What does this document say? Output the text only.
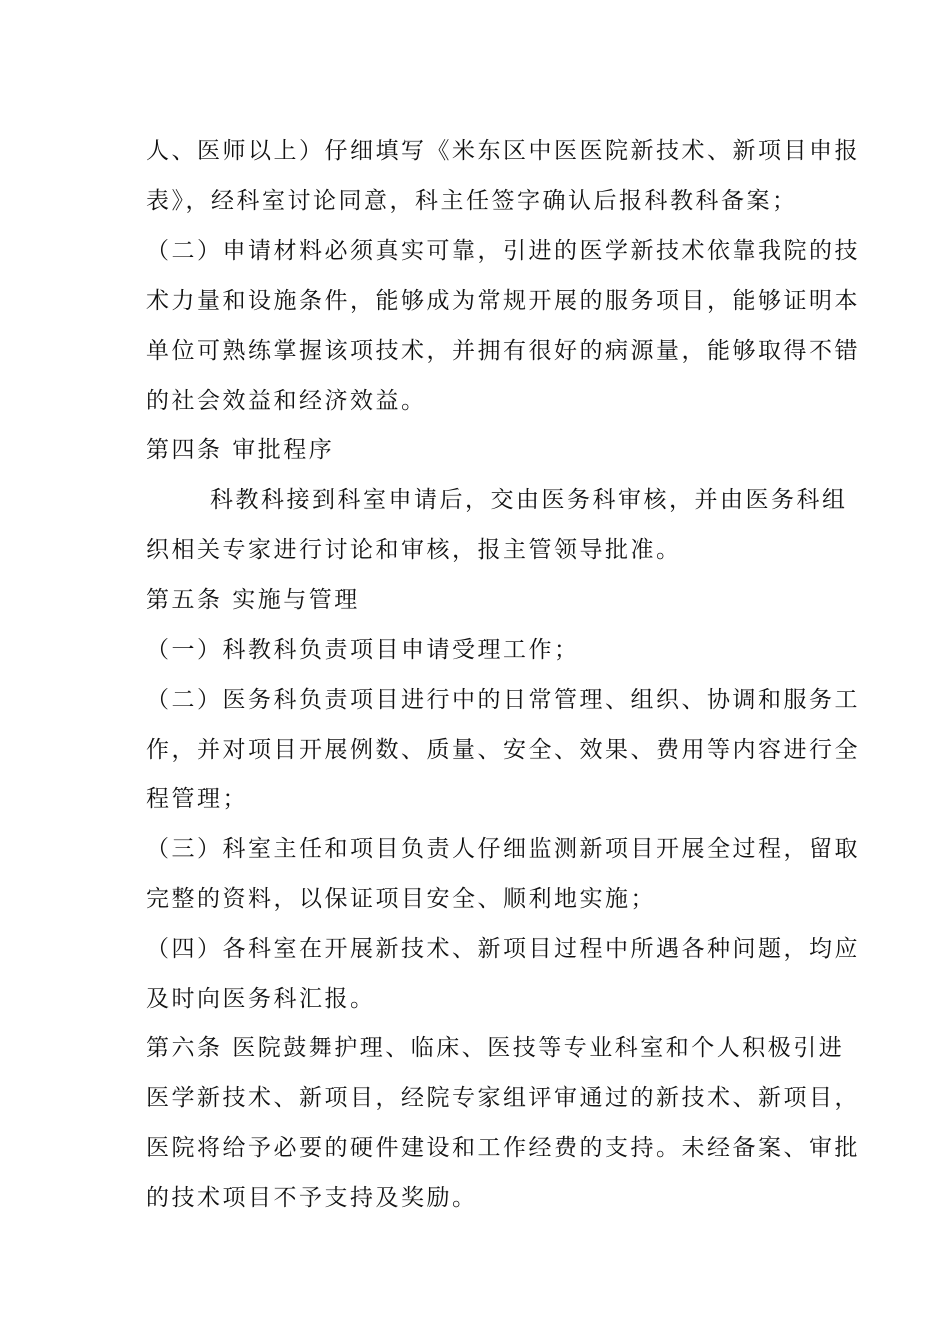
人、医师以上）仔细填写《米东区中医医院新技术、新项目申报
表》，经科室讨论同意，科主任签字确认后报科教科备案；
（二）申请材料必须真实可靠，引进的医学新技术依靠我院的技
术力量和设施条件，能够成为常规开展的服务项目，能够证明本
单位可熟练掌握该项技术，并拥有很好的病源量，能够取得不错
的社会效益和经济效益。
第四条 审批程序
科教科接到科室申请后，交由医务科审核，并由医务科组
织相关专家进行讨论和审核，报主管领导批准。
第五条 实施与管理
（一）科教科负责项目申请受理工作；
（二）医务科负责项目进行中的日常管理、组织、协调和服务工
作，并对项目开展例数、质量、安全、效果、费用等内容进行全
程管理；
（三）科室主任和项目负责人仔细监测新项目开展全过程，留取
完整的资料，以保证项目安全、顺利地实施；
（四）各科室在开展新技术、新项目过程中所遇各种问题，均应
及时向医务科汇报。
第六条 医院鼓舞护理、临床、医技等专业科室和个人积极引进
医学新技术、新项目，经院专家组评审通过的新技术、新项目，
医院将给予必要的硬件建设和工作经费的支持。未经备案、审批
的技术项目不予支持及奖励。
